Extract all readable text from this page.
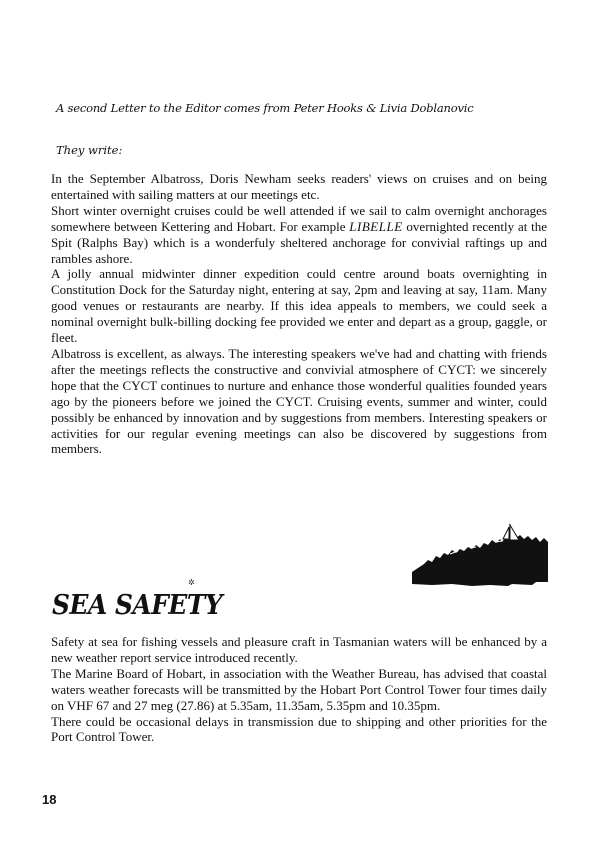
A second Letter to the Editor comes from Peter Hooks & Livia Doblanovic

They write:

In the September Albatross, Doris Newham seeks readers' views on cruises and on being entertained with sailing matters at our meetings etc.

Short winter overnight cruises could be well attended if we sail to calm overnight anchorages somewhere between Kettering and Hobart. For example LIBELLE overnighted recently at the Spit (Ralphs Bay) which is a wonderfuly sheltered anchorage for convivial raftings up and rambles ashore.

A jolly annual midwinter dinner expedition could centre around boats overnighting in Constitution Dock for the Saturday night, entering at say, 2pm and leaving at say, 11am. Many good venues or restaurants are nearby. If this idea appeals to members, we could seek a nominal overnight bulk-billing docking fee provided we enter and depart as a group, gaggle, or fleet.

Albatross is excellent, as always. The interesting speakers we've had and chatting with friends after the meetings reflects the constructive and convivial atmosphere of CYCT: we sincerely hope that the CYCT continues to nurture and enhance those wonderful qualities founded years ago by the pioneers before we joined the CYCT. Cruising events, summer and winter, could possibly be enhanced by innovation and by suggestions from members. Interesting speakers or activities for our regular evening meetings can also be discovered by suggestions from members.

✲
SEA SAFETY

Safety at sea for fishing vessels and pleasure craft in Tasmanian waters will be enhanced by a new weather report service introduced recently.

The Marine Board of Hobart, in association with the Weather Bureau, has advised that coastal waters weather forecasts will be transmitted by the Hobart Port Control Tower four times daily on VHF 67 and 27 meg (27.86) at 5.35am, 11.35am, 5.35pm and 10.35pm.

There could be occasional delays in transmission due to shipping and other priorities for the Port Control Tower.

18
